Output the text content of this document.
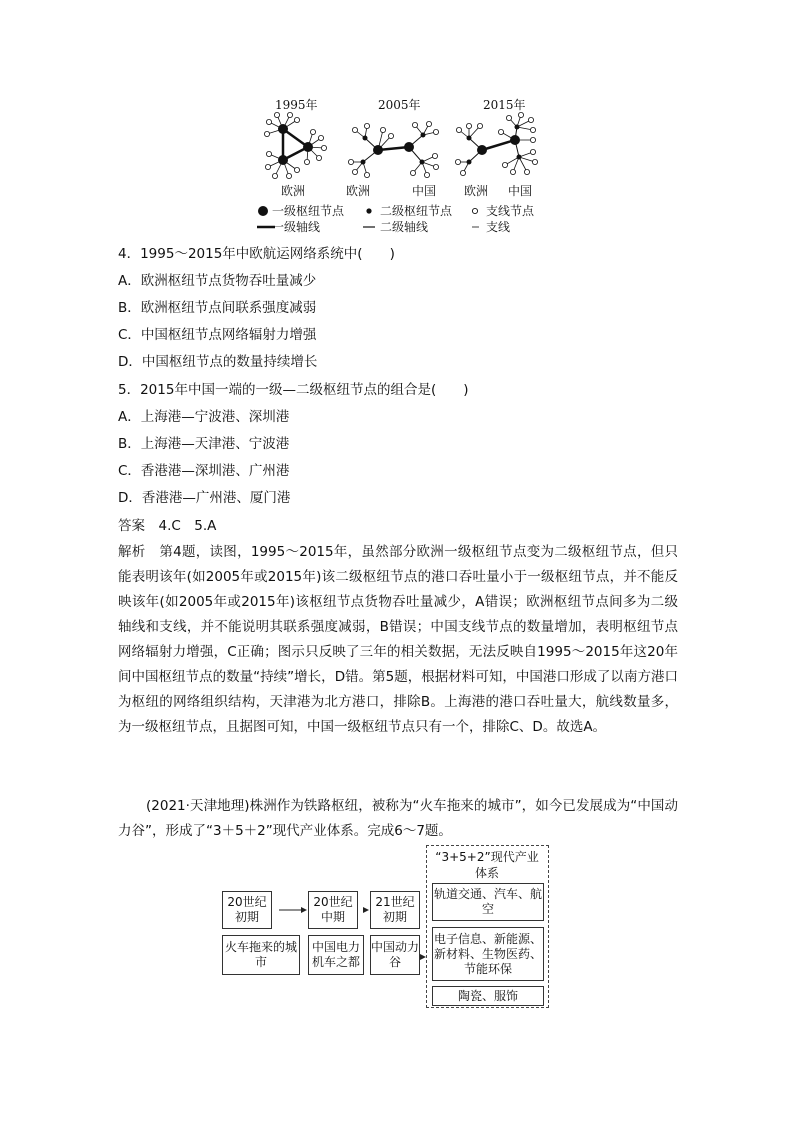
1995年	2005年	2015年
欧洲	欧洲	中国 欧洲 中国
一级枢纽节点	二级枢纽节点	支线节点
一级轴线	二级轴线	支线
4．1995～2015年中欧航运网络系统中(　　)
A．欧洲枢纽节点货物吞吐量减少
B．欧洲枢纽节点间联系强度减弱
C．中国枢纽节点网络辐射力增强
D．中国枢纽节点的数量持续增长
5．2015年中国一端的一级—二级枢纽节点的组合是(　　)
A．上海港—宁波港、深圳港
B．上海港—天津港、宁波港
C．香港港—深圳港、广州港
D．香港港—广州港、厦门港
答案　4.C　5.A
解析　第4题，读图，1995～2015年，虽然部分欧洲一级枢纽节点变为二级枢纽节点，但只能表明该年(如2005年或2015年)该二级枢纽节点的港口吞吐量小于一级枢纽节点，并不能反映该年(如2005年或2015年)该枢纽节点货物吞吐量减少，A错误；欧洲枢纽节点间多为二级轴线和支线，并不能说明其联系强度减弱，B错误；中国支线节点的数量增加，表明枢纽节点网络辐射力增强，C正确；图示只反映了三年的相关数据，无法反映自1995～2015年这20年间中国枢纽节点的数量“持续”增长，D错。第5题，根据材料可知，中国港口形成了以南方港口为枢纽的网络组织结构，天津港为北方港口，排除B。上海港的港口吞吐量大，航线数量多，为一级枢纽节点，且据图可知，中国一级枢纽节点只有一个，排除C、D。故选A。
(2021·天津地理)株洲作为铁路枢纽，被称为“火车拖来的城市”，如今已发展成为“中国动力谷”，形成了“3＋5＋2”现代产业体系。完成6～7题。
20世纪初期
20世纪中期
21世纪初期
火车拖来的城市
中国电力机车之都
中国动力谷
“3+5+2”现代产业体系
轨道交通、汽车、航空
电子信息、新能源、新材料、生物医药、节能环保
陶瓷、服饰
